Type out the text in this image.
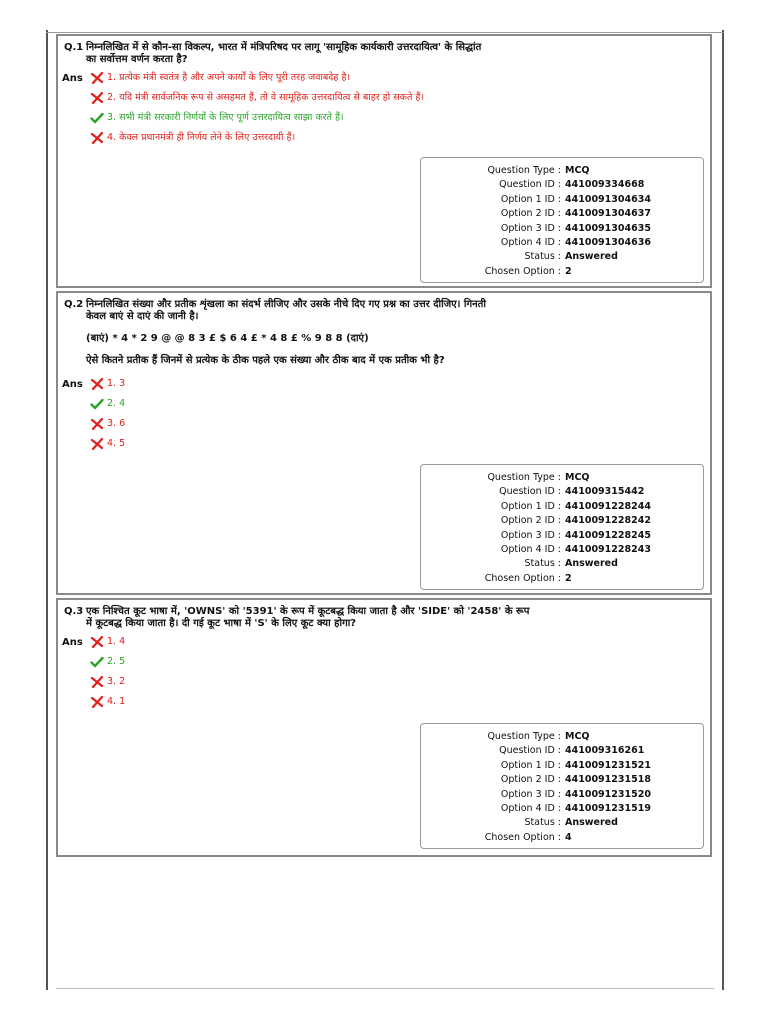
Q.1 निम्नलिखित में से कौन-सा विकल्प, भारत में मंत्रिपरिषद पर लागू 'सामूहिक कार्यकारी उत्तरदायित्व' के सिद्धांत

का सर्वोत्तम वर्णन करता है?

Ans	1. प्रत्येक मंत्री स्वतंत्र है और अपने कार्यों के लिए पूरी तरह जवाबदेह है।
2. यदि मंत्री सार्वजनिक रूप से असहमत हैं, तो वे सामूहिक उत्तरदायित्व से बाहर हो सकते हैं।
3. सभी मंत्री सरकारी निर्णयों के लिए पूर्ण उत्तरदायित्व साझा करते हैं।
4. केवल प्रधानमंत्री ही निर्णय लेने के लिए उत्तरदायी हैं।
Question Type : MCQ
Question ID : 441009334668
Option 1 ID : 4410091304634
Option 2 ID : 4410091304637
Option 3 ID : 4410091304635
Option 4 ID : 4410091304636
Status : Answered
Chosen Option : 2
Q.2 निम्नलिखित संख्या और प्रतीक शृंखला का संदर्भ लीजिए और उसके नीचे दिए गए प्रश्न का उत्तर दीजिए। गिनती

केवल बाएं से दाएं की जानी है।

(बाएं) * 4 * 2 9 @ @ 8 3 £ $ 6 4 £ * 4 8 £ % 9 8 8 (दाएं)

ऐसे कितने प्रतीक हैं जिनमें से प्रत्येक के ठीक पहले एक संख्या और ठीक बाद में एक प्रतीक भी है?

Ans	1. 3
2. 4
3. 6
4. 5
Question Type : MCQ
Question ID : 441009315442
Option 1 ID : 4410091228244
Option 2 ID : 4410091228242
Option 3 ID : 4410091228245
Option 4 ID : 4410091228243
Status : Answered
Chosen Option : 2
Q.3 एक निश्चित कूट भाषा में, 'OWNS' को '5391' के रूप में कूटबद्ध किया जाता है और 'SIDE' को '2458' के रूप

में कूटबद्ध किया जाता है। दी गई कूट भाषा में 'S' के लिए कूट क्या होगा?

Ans	1. 4
2. 5
3. 2
4. 1
Question Type : MCQ
Question ID : 441009316261
Option 1 ID : 4410091231521
Option 2 ID : 4410091231518
Option 3 ID : 4410091231520
Option 4 ID : 4410091231519
Status : Answered
Chosen Option : 4
